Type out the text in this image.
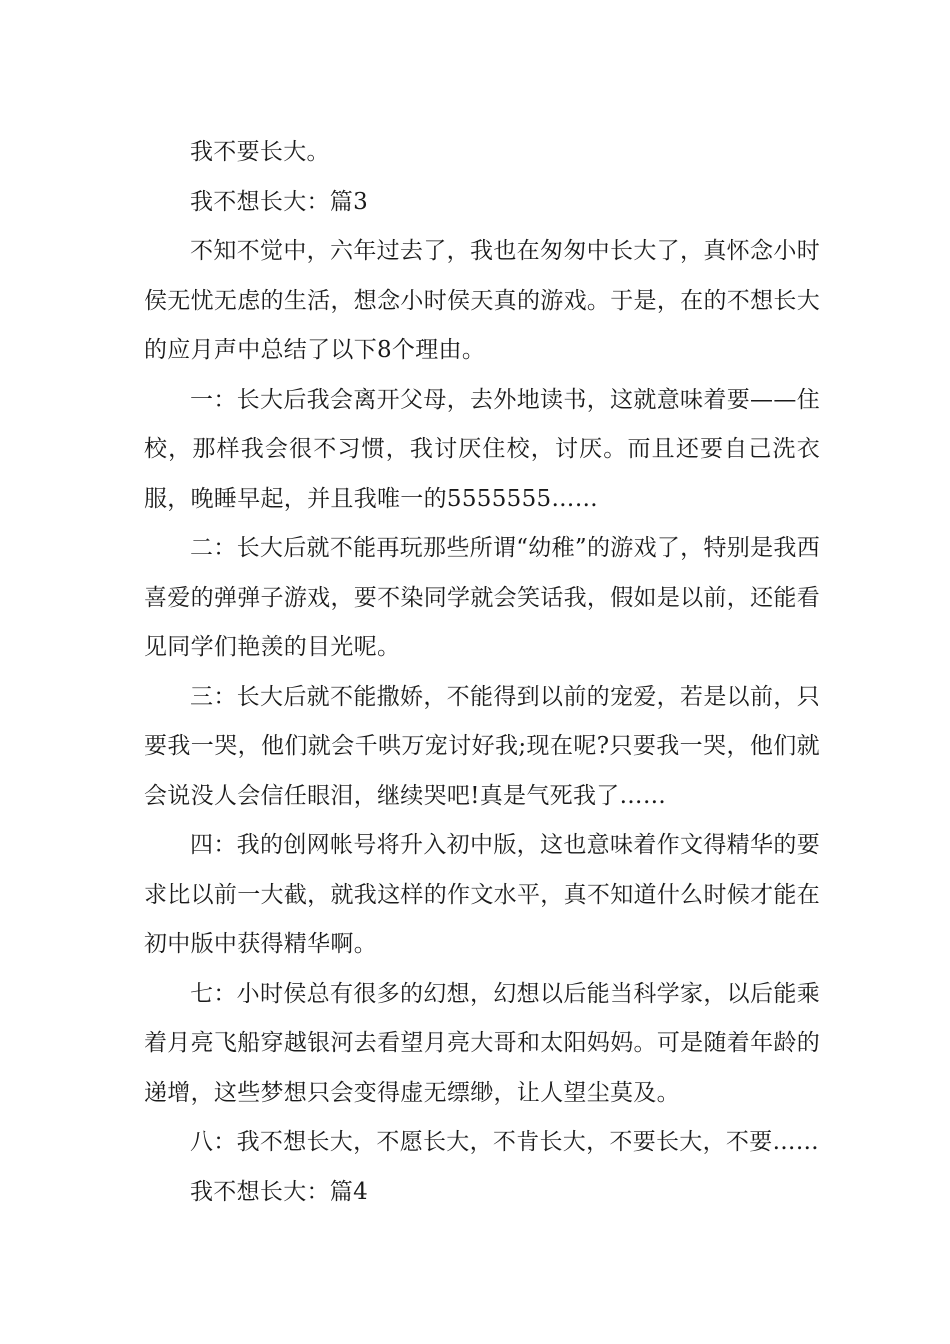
我不要长大。

我不想长大：篇3

不知不觉中，六年过去了，我也在匆匆中长大了，真怀念小时侯无忧无虑的生活，想念小时侯天真的游戏。于是，在的不想长大的应月声中总结了以下8个理由。

一：长大后我会离开父母，去外地读书，这就意味着要——住校，那样我会很不习惯，我讨厌住校，讨厌。而且还要自己洗衣服，晚睡早起，并且我唯一的5555555……

二：长大后就不能再玩那些所谓“幼稚”的游戏了，特别是我西喜爱的弹弹子游戏，要不染同学就会笑话我，假如是以前，还能看见同学们艳羡的目光呢。

三：长大后就不能撒娇，不能得到以前的宠爱，若是以前，只要我一哭，他们就会千哄万宠讨好我;现在呢?只要我一哭，他们就会说没人会信任眼泪，继续哭吧!真是气死我了……

四：我的创网帐号将升入初中版，这也意味着作文得精华的要求比以前一大截，就我这样的作文水平，真不知道什么时候才能在初中版中获得精华啊。

七：小时侯总有很多的幻想，幻想以后能当科学家，以后能乘着月亮飞船穿越银河去看望月亮大哥和太阳妈妈。可是随着年龄的递增，这些梦想只会变得虚无缥缈，让人望尘莫及。

八：我不想长大，不愿长大，不肯长大，不要长大，不要……

我不想长大：篇4
